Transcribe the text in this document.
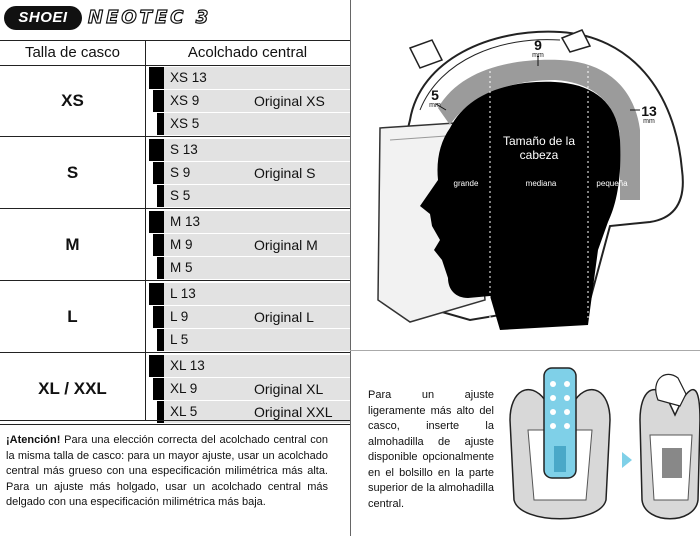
SHOEI	NEOTEC 3
Talla de casco	Acolchado central
XS
XS 13
XS 9	Original XS
XS 5
S
S 13
S 9	Original S
S 5
M
M 13
M 9	Original M
M 5
L
L 13
L 9	Original L
L 5
XL / XXL
XL 13
XL 9	Original XL
XL 5	Original XXL
¡Atención! Para una elección correcta del acolchado central con la misma talla de casco: para un mayor ajuste, usar un acolchado central más grueso con una especificación milimétrica más alta. Para un ajuste más holgado, usar un acolchado central más delgado con una especificación milimétrica más baja.
5
mm
9
mm
13
mm
Tamaño de la cabeza
grande	mediana	pequeña
Para un ajuste ligeramente más alto del casco, inserte la almohadilla de ajuste disponible opcionalmente en el bolsillo en la parte superior de la almohadilla central.
